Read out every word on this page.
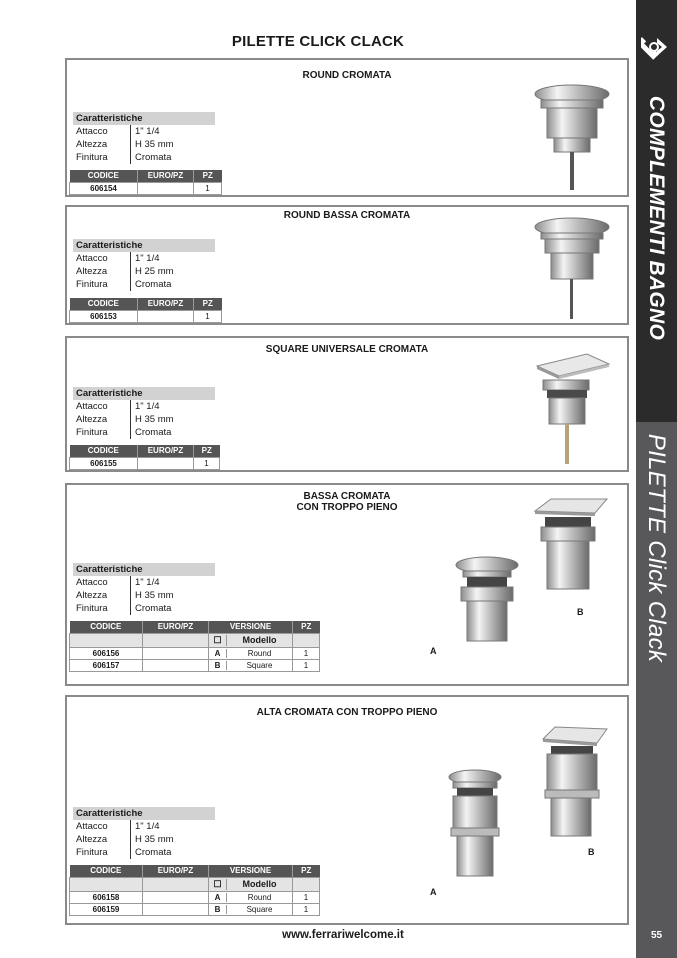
PILETTE CLICK CLACK
COMPLEMENTI BAGNO
PILETTE Click Clack
55
ROUND CROMATA
Caratteristiche
Attacco	1" 1/4
Altezza	H 35 mm
Finitura	Cromata
CODICE	EURO/PZ	PZ
606154		1
ROUND BASSA CROMATA
Caratteristiche
Attacco	1" 1/4
Altezza	H 25 mm
Finitura	Cromata
CODICE	EURO/PZ	PZ
606153		1
SQUARE UNIVERSALE CROMATA
Caratteristiche
Attacco	1" 1/4
Altezza	H 35 mm
Finitura	Cromata
CODICE	EURO/PZ	PZ
606155		1
BASSA CROMATA
CON TROPPO PIENO
Caratteristiche
Attacco	1" 1/4
Altezza	H 35 mm
Finitura	Cromata
CODICE	EURO/PZ	VERSIONE	PZ

		☐ Modello	
606156		A Round	1
606157		B Square	1
A
B
ALTA CROMATA CON TROPPO PIENO
Caratteristiche
Attacco	1" 1/4
Altezza	H 35 mm
Finitura	Cromata
CODICE	EURO/PZ	VERSIONE	PZ

		☐ Modello	
606158		A Round	1
606159		B Square	1
A
B
www.ferrariwelcome.it
